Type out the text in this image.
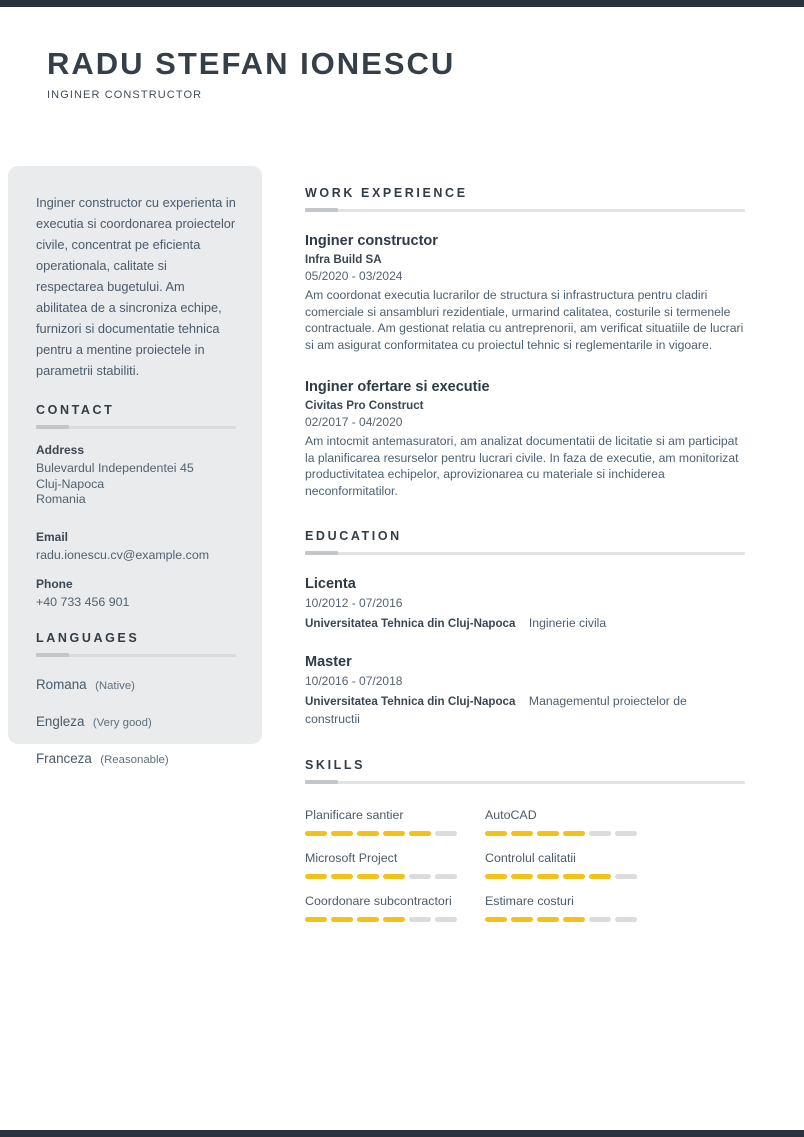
RADU STEFAN IONESCU
INGINER CONSTRUCTOR

Inginer constructor cu experienta in executia si coordonarea proiectelor civile, concentrat pe eficienta operationala, calitate si respectarea bugetului. Am abilitatea de a sincroniza echipe, furnizori si documentatie tehnica pentru a mentine proiectele in parametrii stabiliti.

CONTACT
Address
Bulevardul Independentei 45
Cluj-Napoca
Romania
Email
radu.ionescu.cv@example.com
Phone
+40 733 456 901
LANGUAGES
Romana (Native)
Engleza (Very good)
Franceza (Reasonable)
WORK EXPERIENCE
Inginer constructor
Infra Build SA
05/2020 - 03/2024
Am coordonat executia lucrarilor de structura si infrastructura pentru cladiri comerciale si ansambluri rezidentiale, urmarind calitatea, costurile si termenele contractuale. Am gestionat relatia cu antreprenorii, am verificat situatiile de lucrari si am asigurat conformitatea cu proiectul tehnic si reglementarile in vigoare.
Inginer ofertare si executie
Civitas Pro Construct
02/2017 - 04/2020
Am intocmit antemasuratori, am analizat documentatii de licitatie si am participat la planificarea resurselor pentru lucrari civile. In faza de executie, am monitorizat productivitatea echipelor, aprovizionarea cu materiale si inchiderea neconformitatilor.
EDUCATION
Licenta
10/2012 - 07/2016
Universitatea Tehnica din Cluj-Napoca Inginerie civila
Master
10/2016 - 07/2018
Universitatea Tehnica din Cluj-Napoca Managementul proiectelor de constructii
SKILLS
Planificare santier	AutoCAD
Microsoft Project	Controlul calitatii
Coordonare subcontractori	Estimare costuri
